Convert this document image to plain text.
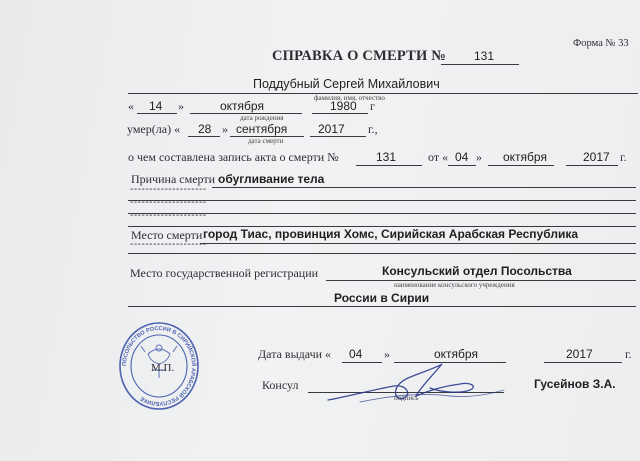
Форма № 33
СПРАВКА О СМЕРТИ № 131
Поддубный Сергей Михайлович
фамилия, имя, отчество
« 14 »	октября	1980 г
дата рождения
умер(ла) « 28 » сентября	2017 г.,
дата смерти
о чем составлена запись акта о смерти №	131	от « 04 » октября	2017 г.
Причина смерти обугливание тела
--------------------
--------------------
--------------------
Место смерти город Тиас, провинция Хомс, Сирийская Арабская Республика
--------------------
Место государственной регистрации	Консульский отдел Посольства
наименование консульского учреждения
России в Сирии
ПОСОЛЬСТВО РОССИИ В СИРИЙСКОЙ АРАБСКОЙ РЕСПУБЛИКЕ
М.П.
Дата выдачи « 04 »	октября	2017	г.
Консул
подпись
Гусейнов З.А.
